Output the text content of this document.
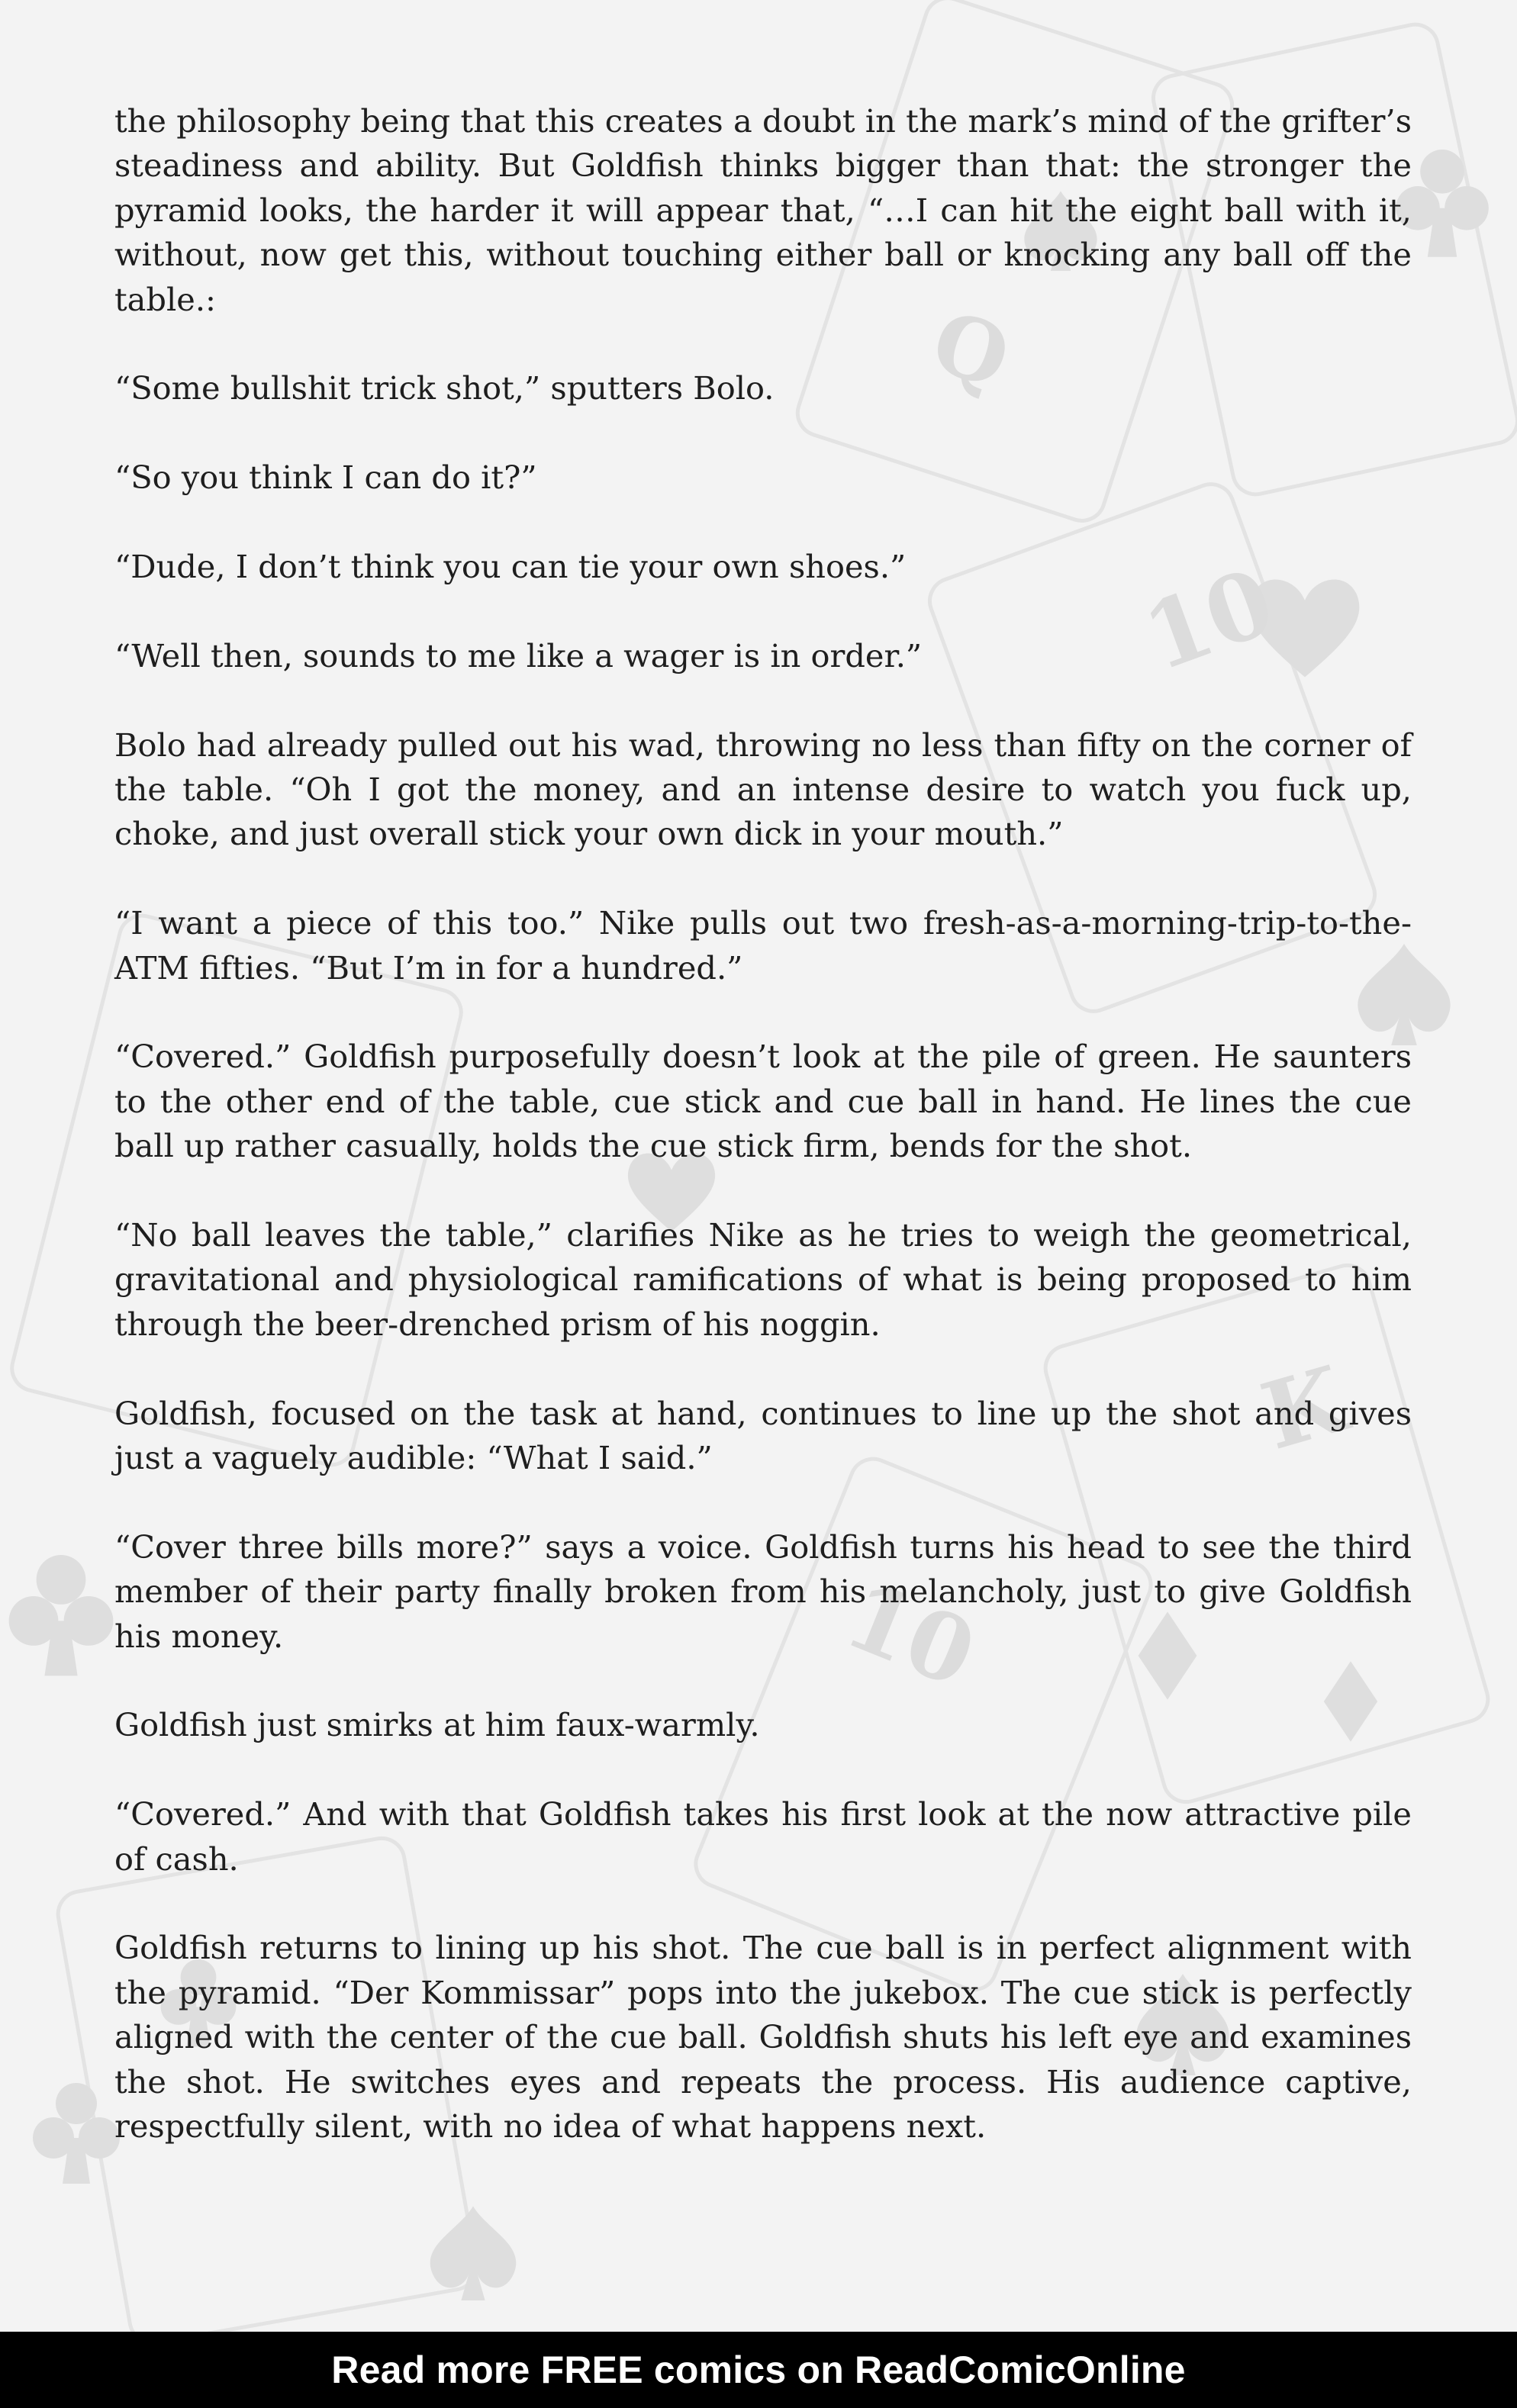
Q
10
K
10

the philosophy being that this creates a doubt in the mark’s mind of the grifter’s steadiness and ability. But Goldfish thinks bigger than that: the stronger the pyramid looks, the harder it will appear that, “…I can hit the eight ball with it, without, now get this, without touching either ball or knocking any ball off the table.:

“Some bullshit trick shot,” sputters Bolo.

“So you think I can do it?”

“Dude, I don’t think you can tie your own shoes.”

“Well then, sounds to me like a wager is in order.”

Bolo had already pulled out his wad, throwing no less than fifty on the corner of the table. “Oh I got the money, and an intense desire to watch you fuck up, choke, and just overall stick your own dick in your mouth.”

“I want a piece of this too.” Nike pulls out two fresh-as-a-morning-trip-to-the-ATM fifties. “But I’m in for a hundred.”

“Covered.” Goldfish purposefully doesn’t look at the pile of green. He saunters to the other end of the table, cue stick and cue ball in hand. He lines the cue ball up rather casually, holds the cue stick firm, bends for the shot.

“No ball leaves the table,” clarifies Nike as he tries to weigh the geometrical, gravitational and physiological ramifications of what is being proposed to him through the beer-drenched prism of his noggin.

Goldfish, focused on the task at hand, continues to line up the shot and gives just a vaguely audible: “What I said.”

“Cover three bills more?” says a voice. Goldfish turns his head to see the third member of their party finally broken from his melancholy, just to give Goldfish his money.

Goldfish just smirks at him faux-warmly.

“Covered.” And with that Goldfish takes his first look at the now attractive pile of cash.

Goldfish returns to lining up his shot. The cue ball is in perfect alignment with the pyramid. “Der Kommissar” pops into the jukebox. The cue stick is perfectly aligned with the center of the cue ball. Goldfish shuts his left eye and examines the shot. He switches eyes and repeats the process. His audience captive, respectfully silent, with no idea of what happens next.

Read more FREE comics on ReadComicOnline
